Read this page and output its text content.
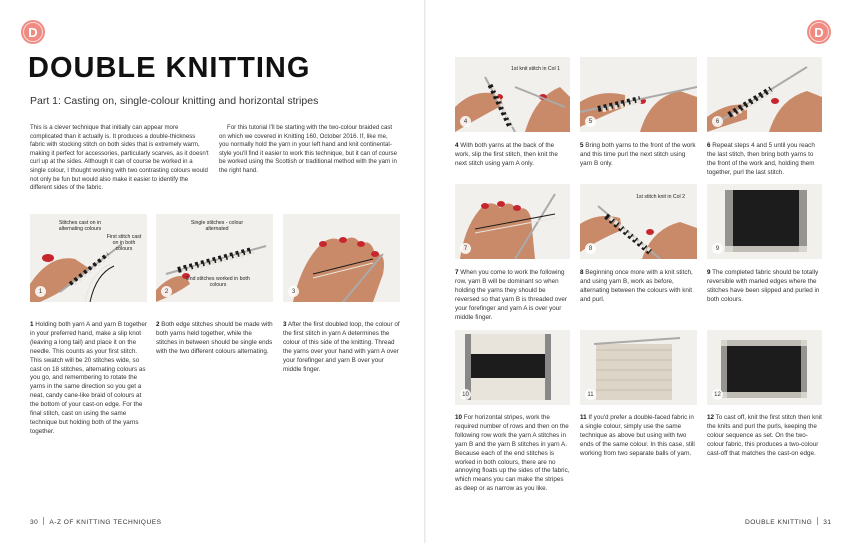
D	D
DOUBLE KNITTING
Part 1: Casting on, single-colour knitting and horizontal stripes

This is a clever technique that initially can appear more complicated than it actually is. It produces a double-thickness fabric with stocking stitch on both sides that is extremely warm, making it perfect for accessories, particularly scarves, as it doesn't curl up at the sides. Although it can of course be worked in a single colour, I thought working with two contrasting colours would not only be fun but would also make it easier to identify the different sides of the fabric.

For this tutorial I'll be starting with the two-colour braided cast on which we covered in Knitting 160, October 2016. If, like me, you normally hold the yarn in your left hand and knit continental-style you'll find it easier to work this technique, but it can of course be worked using the Scottish or traditional method with the yarn in the right hand.

Stitches cast on in alternating colours
First stitch cast on in both colours
1
Single stitches - colour alternated
End stitches worked in both colours
2	3

1 Holding both yarn A and yarn B together in your preferred hand, make a slip knot (leaving a long tail) and place it on the needle. This counts as your first stitch. This swatch will be 20 stitches wide, so cast on 18 stitches, alternating colours as you go, and remembering to rotate the yarns in the same direction so you get a neat, candy cane-like braid of colours at the bottom of your cast-on edge. For the final stitch, cast on using the same technique but holding both of the yarns together.

2 Both edge stitches should be made with both yarns held together, while the stitches in between should be single ends with the two different colours alternating.

3 After the first doubled loop, the colour of the first stitch in yarn A determines the colour of this side of the knitting. Thread the yarns over your hand with yarn A over your forefinger and yarn B over your middle finger.

1st knit stitch in Col 1
4	5	6

4 With both yarns at the back of the work, slip the first stitch, then knit the next stitch using yarn A only.

5 Bring both yarns to the front of the work and this time purl the next stitch using yarn B only.

6 Repeat steps 4 and 5 until you reach the last stitch, then bring both yarns to the front of the work and, holding them together, purl the last stitch.

7
1st stitch knit in Col 2
8	9

7 When you come to work the following row, yarn B will be dominant so when holding the yarns they should be reversed so that yarn B is threaded over your forefinger and yarn A is over your middle finger.

8 Beginning once more with a knit stitch, and using yarn B, work as before, alternating between the colours with knit and purl.

9 The completed fabric should be totally reversible with marled edges where the stitches have been slipped and purled in both colours.

10	11	12

10 For horizontal stripes, work the required number of rows and then on the following row work the yarn A stitches in yarn B and the yarn B stitches in yarn A. Because each of the end stitches is worked in both colours, there are no annoying floats up the sides of the fabric, which means you can make the stripes as deep or as narrow as you like.

11 If you'd prefer a double-faced fabric in a single colour, simply use the same technique as above but using with two ends of the same colour. In this case, still working from two separate balls of yarn.

12 To cast off, knit the first stitch then knit the knits and purl the purls, keeping the colour sequence as set. On the two-colour fabric, this produces a two-colour cast-off that matches the cast-on edge.

30 A-Z OF KNITTING TECHNIQUES	DOUBLE KNITTING 31
